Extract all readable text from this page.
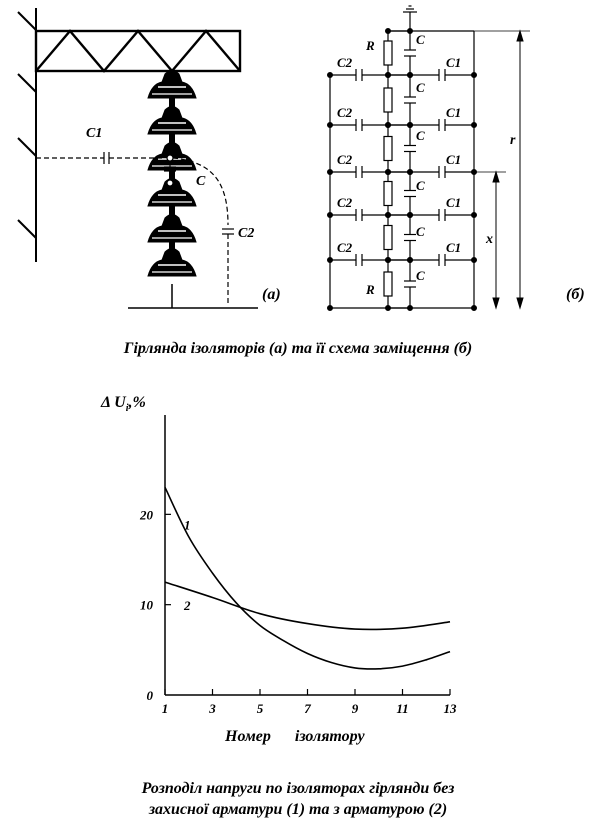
C1
C
C2
(а)
R
R
C
C
C
C
C
C
C2	C1
C2	C1
C2	C1
C2	C1
C2	C1
r
x
(б)
Гірлянда ізоляторів (а) та її схема заміщення (б)
1	3	5	7	9	11	13
0
10
20
1
2
Δ $U_i,\%$
Номер      ізолятору
Розподіл напруги по ізоляторах гірлянди без
захисної арматури (1) та з арматурою (2)
